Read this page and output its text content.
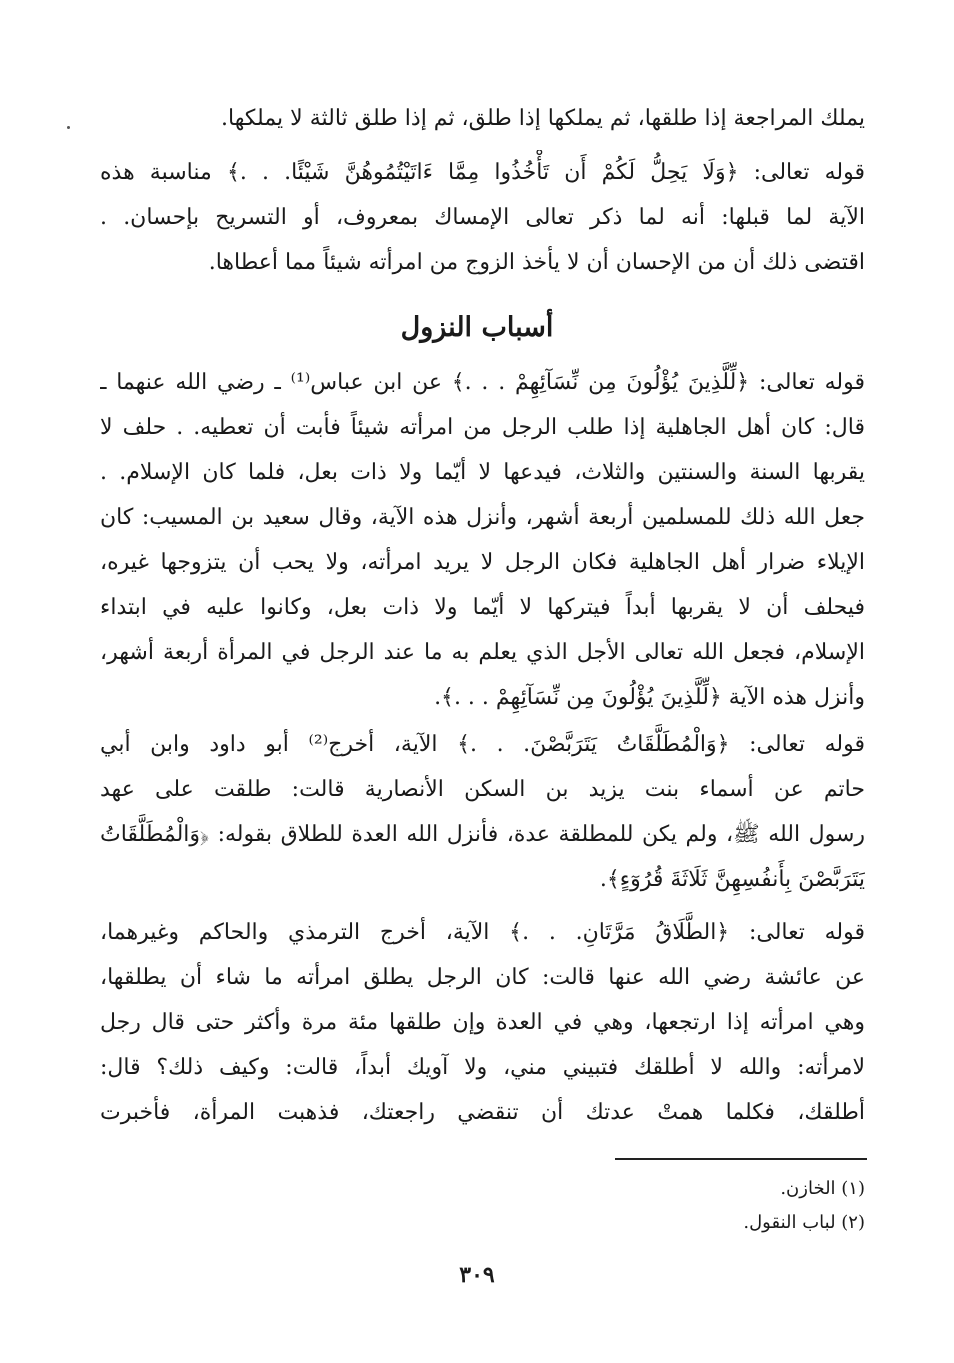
يملك المراجعة إذا طلقها، ثم يملكها إذا طلق، ثم إذا طلق ثالثة لا يملكها.
قوله تعالى: ﴿وَلَا يَحِلُّ لَكُمْ أَن تَأْخُذُوا مِمَّا ءَاتَيْتُمُوهُنَّ شَيْئًا. . .﴾ مناسبة هذه
الآية لما قبلها: أنه لما ذكر تعالى الإمساك بمعروف، أو التسريح بإحسان. .
اقتضى ذلك أن من الإحسان أن لا يأخذ الزوج من امرأته شيئاً مما أعطاها.
أسباب النزول
قوله تعالى: ﴿لِّلَّذِينَ يُؤْلُونَ مِن نِّسَآئِهِمْ . . .﴾ عن ابن عباس⁽¹⁾ ـ رضي الله عنهما ـ
قال: كان أهل الجاهلية إذا طلب الرجل من امرأته شيئاً فأبت أن تعطيه. . حلف لا
يقربها السنة والسنتين والثلاث، فيدعها لا أيّما ولا ذات بعل، فلما كان الإسلام. .
جعل الله ذلك للمسلمين أربعة أشهر، وأنزل هذه الآية، وقال سعيد بن المسيب: كان
الإيلاء ضرار أهل الجاهلية فكان الرجل لا يريد امرأته، ولا يحب أن يتزوجها غيره،
فيحلف أن لا يقربها أبداً فيتركها لا أيّما ولا ذات بعل، وكانوا عليه في ابتداء
الإسلام، فجعل الله تعالى الأجل الذي يعلم به ما عند الرجل في المرأة أربعة أشهر،
وأنزل هذه الآية ﴿لِّلَّذِينَ يُؤْلُونَ مِن نِّسَآئِهِمْ . . .﴾.
قوله تعالى: ﴿وَالْمُطَلَّقَاتُ يَتَرَبَّصْنَ. . .﴾ الآية، أخرج⁽²⁾ أبو داود وابن أبي
حاتم عن أسماء بنت يزيد بن السكن الأنصارية قالت: طلقت على عهد
رسول الله ﷺ، ولم يكن للمطلقة عدة، فأنزل الله العدة للطلاق بقوله: ﴿وَالْمُطَلَّقَاتُ
يَتَرَبَّصْنَ بِأَنفُسِهِنَّ ثَلَاثَةَ قُرُوٓءٍ﴾.
قوله تعالى: ﴿الطَّلَاقُ مَرَّتَانِ. . .﴾ الآية، أخرج الترمذي والحاكم وغيرهما،
عن عائشة رضي الله عنها قالت: كان الرجل يطلق امرأته ما شاء أن يطلقها،
وهي امرأته إذا ارتجعها، وهي في العدة وإن طلقها مئة مرة وأكثر حتى قال رجل
لامرأته: والله لا أطلقك فتبيني مني، ولا آويك أبداً، قالت: وكيف ذلك؟ قال:
أطلقك، فكلما همتْ عدتك أن تنقضي راجعتك، فذهبت المرأة، فأخبرت
(١) الخازن.
(٢) لباب النقول.
٣٠٩
